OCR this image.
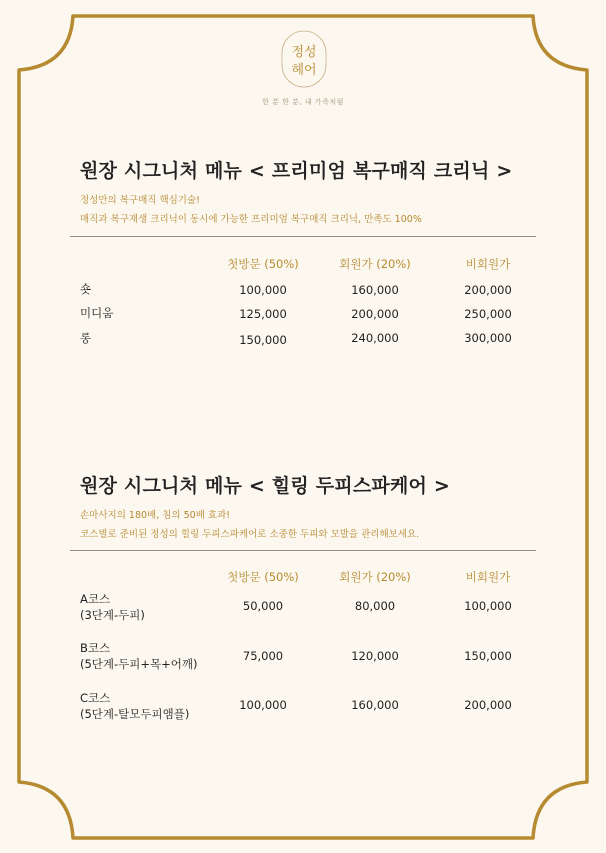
정성
헤어
한 분 한 분, 내 가족처럼
원장 시그니처 메뉴 < 프리미엄 복구매직 크리닉 >
정성만의 복구매직 핵심기술!
매직과 복구재생 크리닉이 동시에 가능한 프리미엄 복구매직 크리닉, 만족도 100%
첫방문 (50%)	회원가 (20%)	비회원가
숏	100,000	160,000	200,000
미디움	125,000	200,000	250,000
롱	150,000	240,000	300,000
원장 시그니처 메뉴 < 힐링 두피스파케어 >
손마사지의 180배, 침의 50배 효과!
코스별로 준비된 정성의 힐링 두피스파케어로 소중한 두피와 모발을 관리해보세요.
첫방문 (50%)	회원가 (20%)	비회원가
A코스
(3단계-두피)
50,000	80,000	100,000
B코스
(5단계-두피+목+어깨)
75,000	120,000	150,000
C코스
(5단계-탈모두피앰플)
100,000	160,000	200,000
